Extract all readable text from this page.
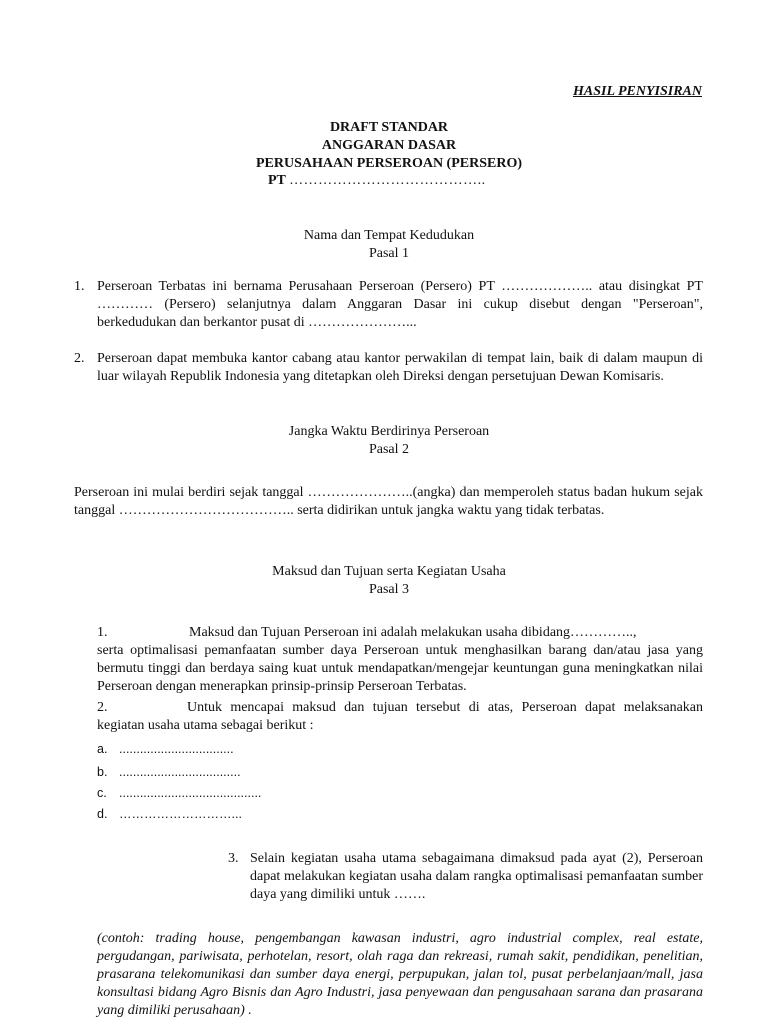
HASIL PENYISIRAN
DRAFT STANDAR
ANGGARAN DASAR
PERUSAHAAN PERSEROAN (PERSERO)
PT …………………………………..
Nama dan Tempat Kedudukan
Pasal 1
1. Perseroan Terbatas ini bernama Perusahaan Perseroan (Persero) PT ……………….. atau disingkat PT ………… (Persero) selanjutnya dalam Anggaran Dasar ini cukup disebut dengan "Perseroan", berkedudukan dan berkantor pusat di …………………...
2. Perseroan dapat membuka kantor cabang atau kantor perwakilan di tempat lain, baik di dalam maupun di luar wilayah Republik Indonesia yang ditetapkan oleh Direksi dengan persetujuan Dewan Komisaris.
Jangka Waktu Berdirinya Perseroan
Pasal 2
Perseroan ini mulai berdiri sejak tanggal …………………..(angka) dan memperoleh status badan hukum sejak tanggal ……………………………….. serta didirikan untuk jangka waktu yang tidak terbatas.
Maksud dan Tujuan serta Kegiatan Usaha
Pasal 3
1.	Maksud dan Tujuan Perseroan ini adalah melakukan usaha dibidang…………..,
serta optimalisasi pemanfaatan sumber daya Perseroan untuk menghasilkan barang dan/atau jasa yang bermutu tinggi dan berdaya saing kuat untuk mendapatkan/mengejar keuntungan guna meningkatkan nilai Perseroan dengan menerapkan prinsip-prinsip Perseroan Terbatas.
2.	Untuk mencapai maksud dan tujuan tersebut di atas, Perseroan dapat melaksanakan kegiatan usaha utama sebagai berikut :
a. .................................
b. ...................................
c. .........................................
d. ………………………...
3. Selain kegiatan usaha utama sebagaimana dimaksud pada ayat (2), Perseroan dapat melakukan kegiatan usaha dalam rangka optimalisasi pemanfaatan sumber daya yang dimiliki untuk …….
(contoh: trading house, pengembangan kawasan industri, agro industrial complex, real estate, pergudangan, pariwisata, perhotelan, resort, olah raga dan rekreasi, rumah sakit, pendidikan, penelitian, prasarana telekomunikasi dan sumber daya energi, perpupukan, jalan tol, pusat perbelanjaan/mall, jasa konsultasi bidang Agro Bisnis dan Agro Industri, jasa penyewaan dan pengusahaan sarana dan prasarana yang dimiliki perusahaan) .
